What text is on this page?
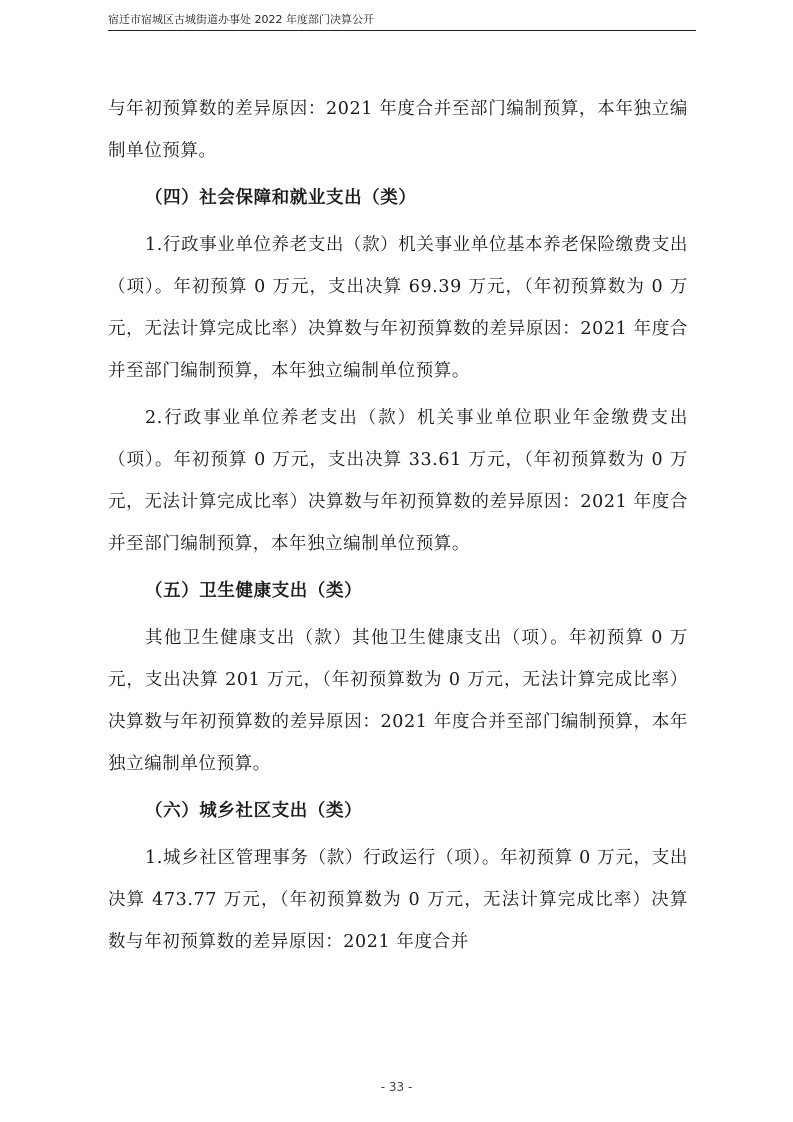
宿迁市宿城区古城街道办事处 2022 年度部门决算公开

与年初预算数的差异原因：2021 年度合并至部门编制预算，本年独立编制单位预算。

（四）社会保障和就业支出（类）

1.行政事业单位养老支出（款）机关事业单位基本养老保险缴费支出（项）。年初预算 0 万元，支出决算 69.39 万元，（年初预算数为 0 万元，无法计算完成比率）决算数与年初预算数的差异原因：2021 年度合并至部门编制预算，本年独立编制单位预算。

2.行政事业单位养老支出（款）机关事业单位职业年金缴费支出（项）。年初预算 0 万元，支出决算 33.61 万元，（年初预算数为 0 万元，无法计算完成比率）决算数与年初预算数的差异原因：2021 年度合并至部门编制预算，本年独立编制单位预算。

（五）卫生健康支出（类）

其他卫生健康支出（款）其他卫生健康支出（项）。年初预算 0 万元，支出决算 201 万元，（年初预算数为 0 万元，无法计算完成比率）决算数与年初预算数的差异原因：2021 年度合并至部门编制预算，本年独立编制单位预算。

（六）城乡社区支出（类）

1.城乡社区管理事务（款）行政运行（项）。年初预算 0 万元，支出决算 473.77 万元，（年初预算数为 0 万元，无法计算完成比率）决算数与年初预算数的差异原因：2021 年度合并

- 33 -
